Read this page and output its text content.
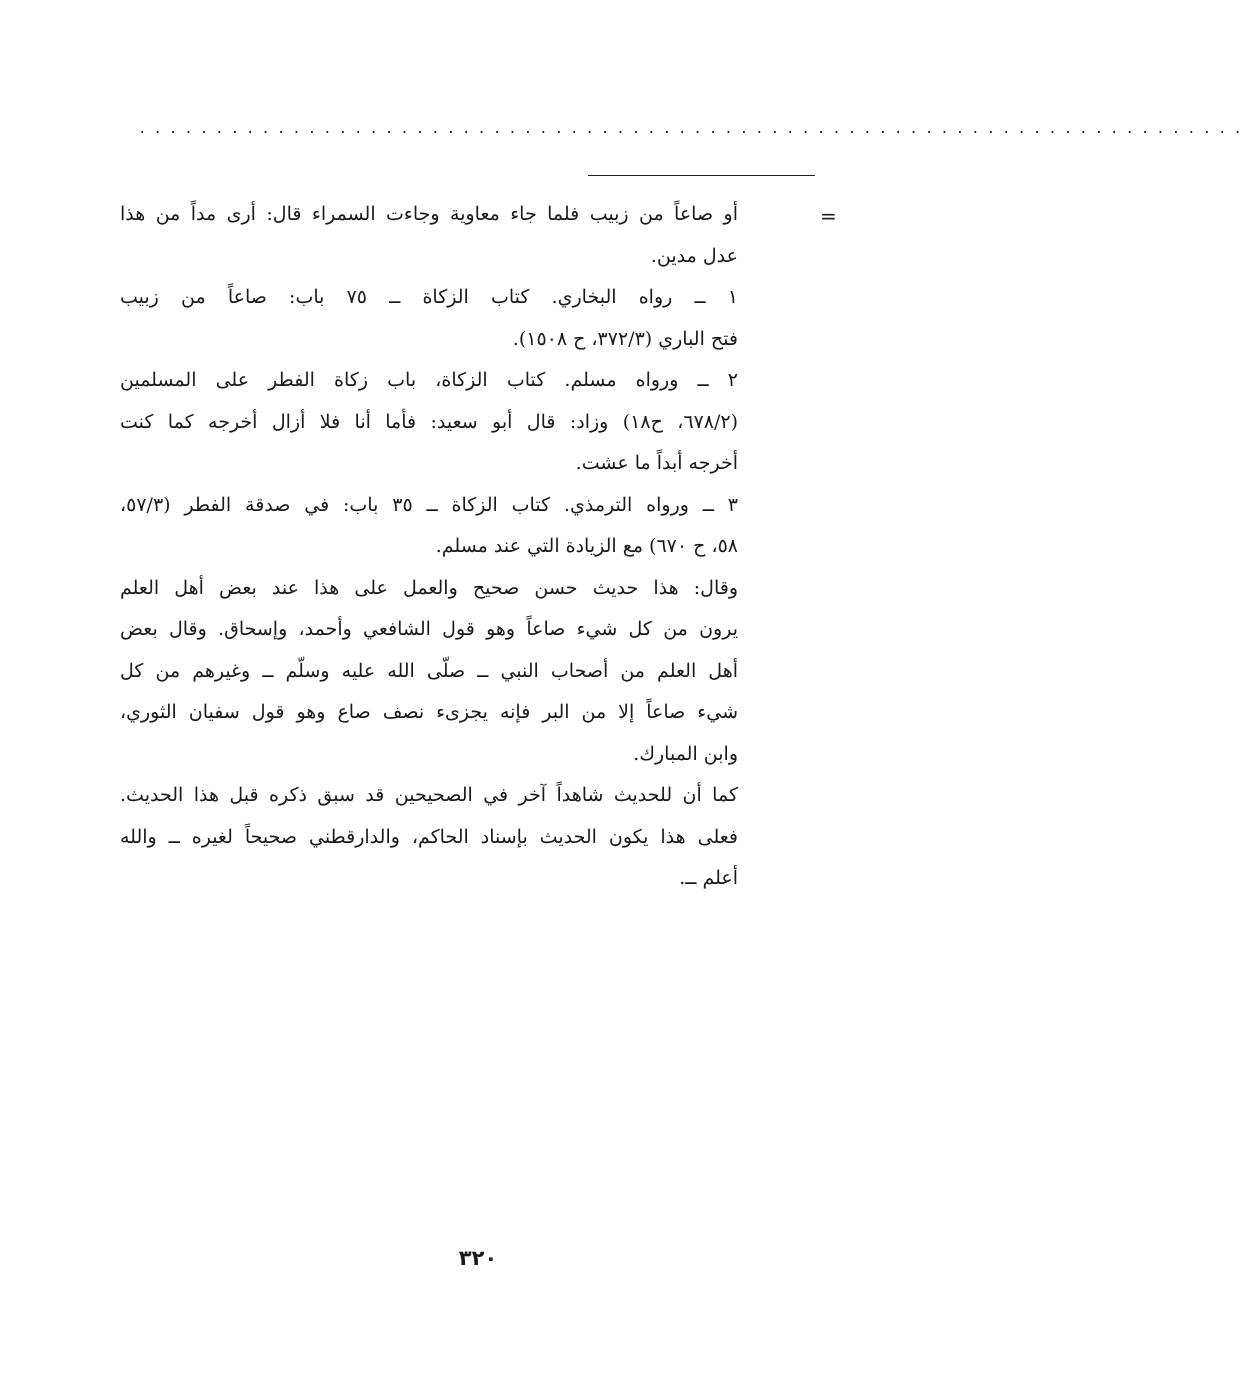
........................................................................
=
أو صاعاً من زبيب فلما جاء معاوية وجاءت السمراء قال: أرى مداً من هذا
عدل مدين.
١ ــ رواه البخاري. كتاب الزكاة ــ ٧٥ باب: صاعاً من زبيب
فتح الباري (٣٧٢/٣، ح ١٥٠٨).
٢ ــ ورواه مسلم. كتاب الزكاة، باب زكاة الفطر على المسلمين
(٦٧٨/٢، ح١٨) وزاد: قال أبو سعيد: فأما أنا فلا أزال أخرجه كما كنت
أخرجه أبداً ما عشت.
٣ ــ ورواه الترمذي. كتاب الزكاة ــ ٣٥ باب: في صدقة الفطر (٥٧/٣،
٥٨، ح ٦٧٠) مع الزيادة التي عند مسلم.
وقال: هذا حديث حسن صحيح والعمل على هذا عند بعض أهل العلم
يرون من كل شيء صاعاً وهو قول الشافعي وأحمد، وإسحاق. وقال بعض
أهل العلم من أصحاب النبي ــ صلّى الله عليه وسلّم ــ وغيرهم من كل
شيء صاعاً إلا من البر فإنه يجزىء نصف صاع وهو قول سفيان الثوري،
وابن المبارك.
كما أن للحديث شاهداً آخر في الصحيحين قد سبق ذكره قبل هذا الحديث.
فعلى هذا يكون الحديث بإسناد الحاكم، والدارقطني صحيحاً لغيره ــ والله
أعلم ــ.
٣٢٠
